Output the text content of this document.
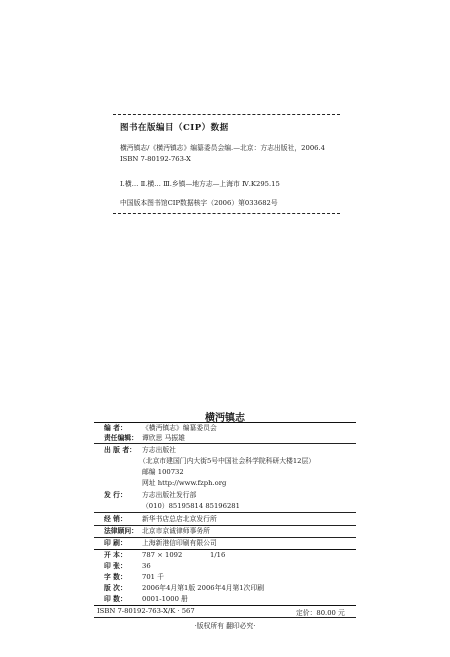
图书在版编目（CIP）数据
横沔镇志/《横沔镇志》编纂委员会编.—北京：方志出版社，2006.4
ISBN 7-80192-763-X
Ⅰ.横… Ⅱ.横… Ⅲ.乡镇—地方志—上海市 Ⅳ.K295.15
中国版本图书馆CIP数据核字（2006）第033682号
横沔镇志
编 者： 《横沔镇志》编纂委员会
责任编辑： 谭欣思 马振雄
出 版 者： 方志出版社
（北京市建国门内大街5号中国社会科学院科研大楼12层）
邮编 100732
网址 http://www.fzph.org
发 行： 方志出版社发行部
（010）85195814 85196281
经 销： 新华书店总店北京发行所
法律顾问： 北京市京诚律师事务所
印 刷： 上海新港信印刷有限公司
开 本： 787 × 1092	1/16
印 张： 36
字 数： 701 千
版 次： 2006年4月第1版 2006年4月第1次印刷
印 数： 0001-1000 册
ISBN 7-80192-763-X/K · 567	定价：80.00 元
·版权所有 翻印必究·
